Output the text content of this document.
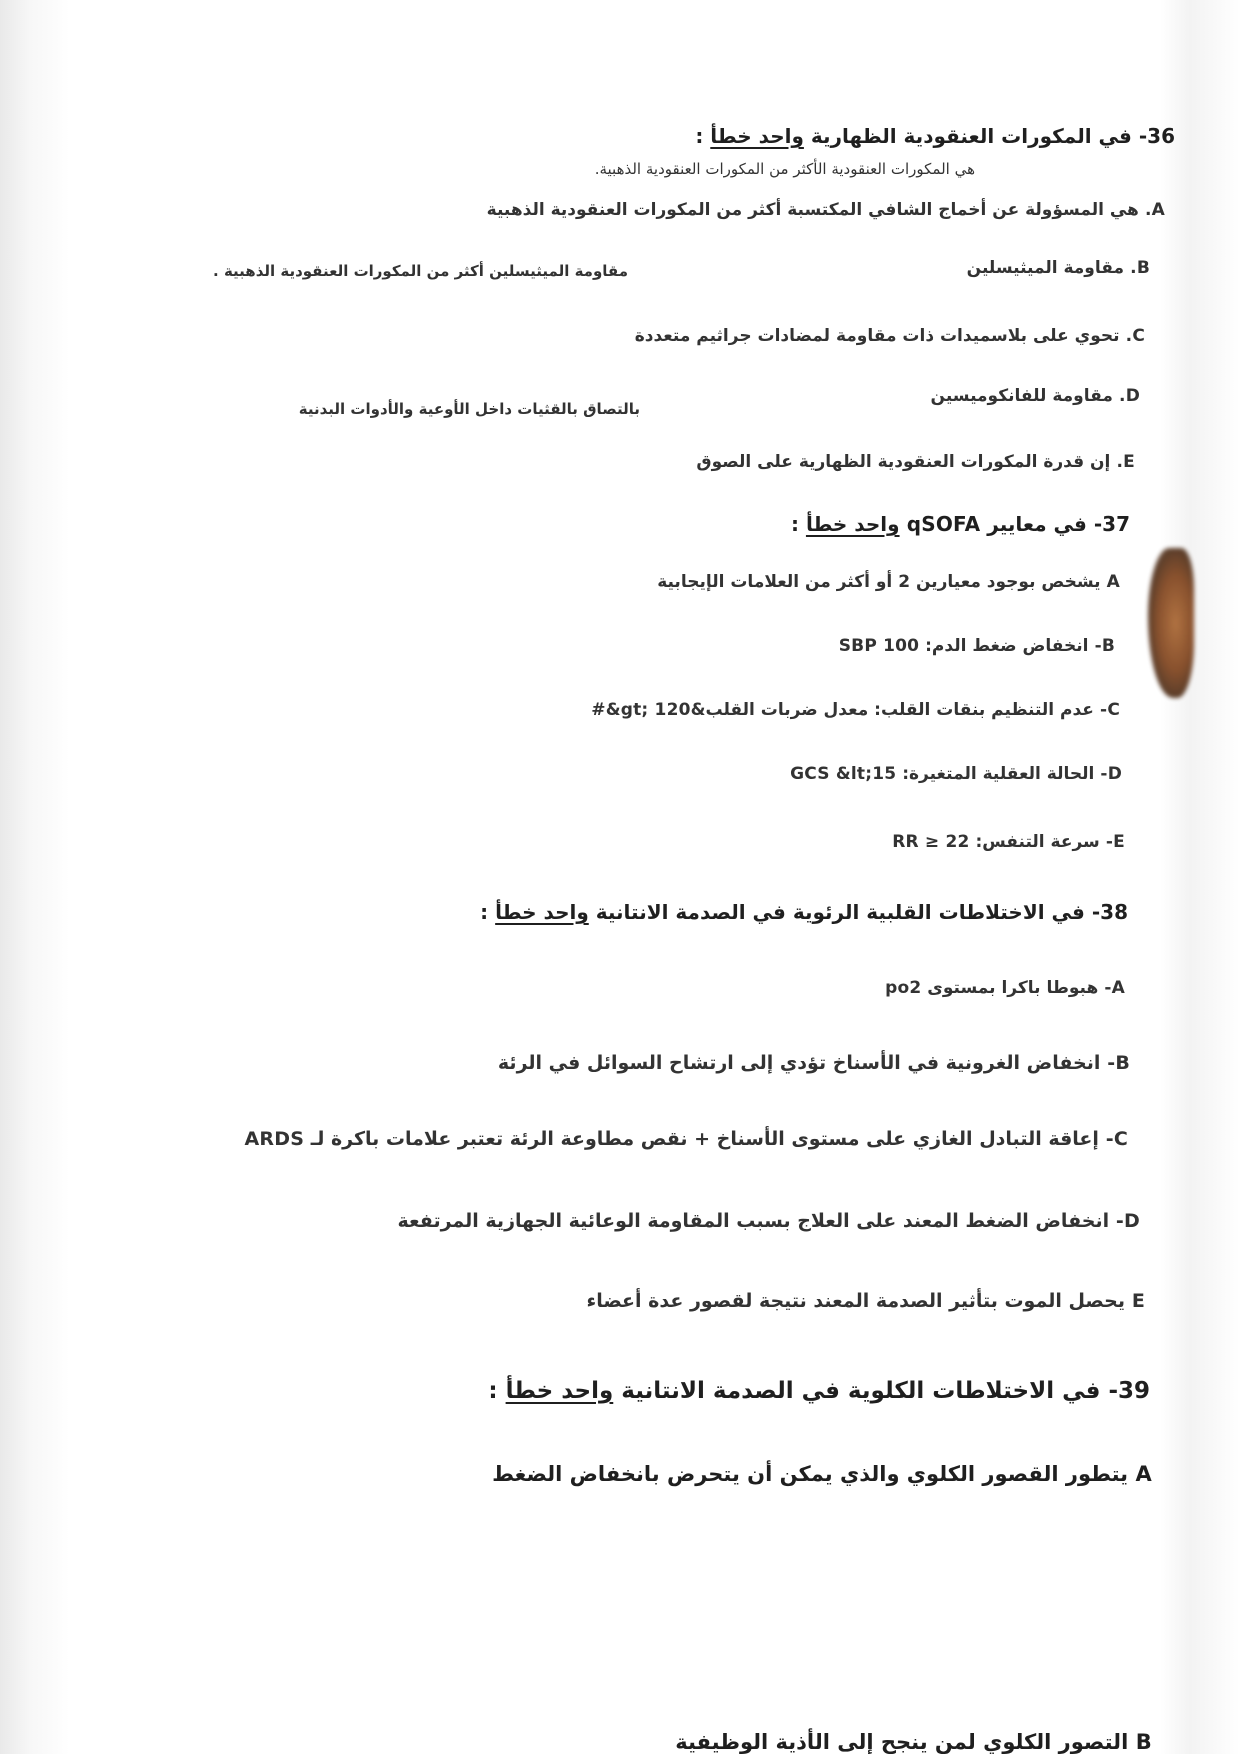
36- في المكورات العنقودية الظهارية واحد خطأ :
هي المكورات العنقودية الأكثر من المكورات العنقودية الذهبية.
A. هي المسؤولة عن أخماج الشافي المكتسبة أكثر من المكورات العنقودية الذهبية
B. مقاومة الميثيسلين
مقاومة الميثيسلين أكثر من المكورات العنقودية الذهبية .
C. تحوي على بلاسميدات ذات مقاومة لمضادات جراثيم متعددة
D. مقاومة للفانكوميسين
بالتصاق بالقثيات داخل الأوعية والأدوات البدنية
E. إن قدرة المكورات العنقودية الظهارية على الصوق
37- في معايير qSOFA واحد خطأ :
A يشخص بوجود معيارين 2 أو أكثر من العلامات الإيجابية
B- انخفاض ضغط الدم: SBP 100
C- عدم التنظيم بنقات القلب: معدل ضربات القلب&gt; 120&#
D- الحالة العقلية المتغيرة: GCS &lt;15
E- سرعة التنفس: RR ≥ 22
38- في الاختلاطات القلبية الرئوية في الصدمة الانتانية واحد خطأ :
A- هبوطا باكرا بمستوى po2
B- انخفاض الغرونية في الأسناخ تؤدي إلى ارتشاح السوائل في الرئة
C- إعاقة التبادل الغازي على مستوى الأسناخ + نقص مطاوعة الرئة تعتبر علامات باكرة لـ ARDS
D- انخفاض الضغط المعند على العلاج بسبب المقاومة الوعائية الجهازية المرتفعة
E يحصل الموت بتأثير الصدمة المعند نتيجة لقصور عدة أعضاء
39- في الاختلاطات الكلوية في الصدمة الانتانية واحد خطأ :
A يتطور القصور الكلوي والذي يمكن أن يتحرض بانخفاض الضغط
B التصور الكلوي لمن ينجح إلى الأذية الوظيفية
